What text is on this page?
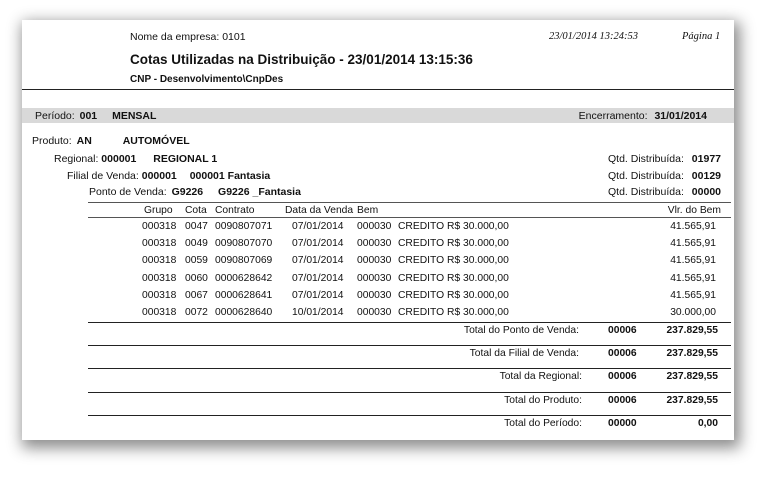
Nome da empresa: 0101	23/01/2014 13:24:53	Página 1
Cotas Utilizadas na Distribuição - 23/01/2014 13:15:36
CNP - Desenvolvimento\CnpDes
Período: 001 MENSAL	Encerramento: 31/01/2014
Produto: AN	AUTOMÓVEL
Regional: 000001 REGIONAL 1	Qtd. Distribuída: 01977
Filial de Venda: 000001 000001 Fantasia	Qtd. Distribuída: 00129
Ponto de Venda: G9226 G9226 _Fantasia	Qtd. Distribuída: 00000
Grupo Cota Contrato	Data da Venda Bem	Vlr. do Bem
000318 0047 0090807071 07/01/2014 000030 CREDITO R$ 30.000,00	41.565,91
000318 0049 0090807070 07/01/2014 000030 CREDITO R$ 30.000,00	41.565,91
000318 0059 0090807069 07/01/2014 000030 CREDITO R$ 30.000,00	41.565,91
000318 0060 0000628642 07/01/2014 000030 CREDITO R$ 30.000,00	41.565,91
000318 0067 0000628641 07/01/2014 000030 CREDITO R$ 30.000,00	41.565,91
000318 0072 0000628640 10/01/2014 000030 CREDITO R$ 30.000,00	30.000,00
Total do Ponto de Venda:	00006	237.829,55
Total da Filial de Venda:	00006	237.829,55
Total da Regional:	00006	237.829,55
Total do Produto:	00006	237.829,55
Total do Período:	00000	0,00
